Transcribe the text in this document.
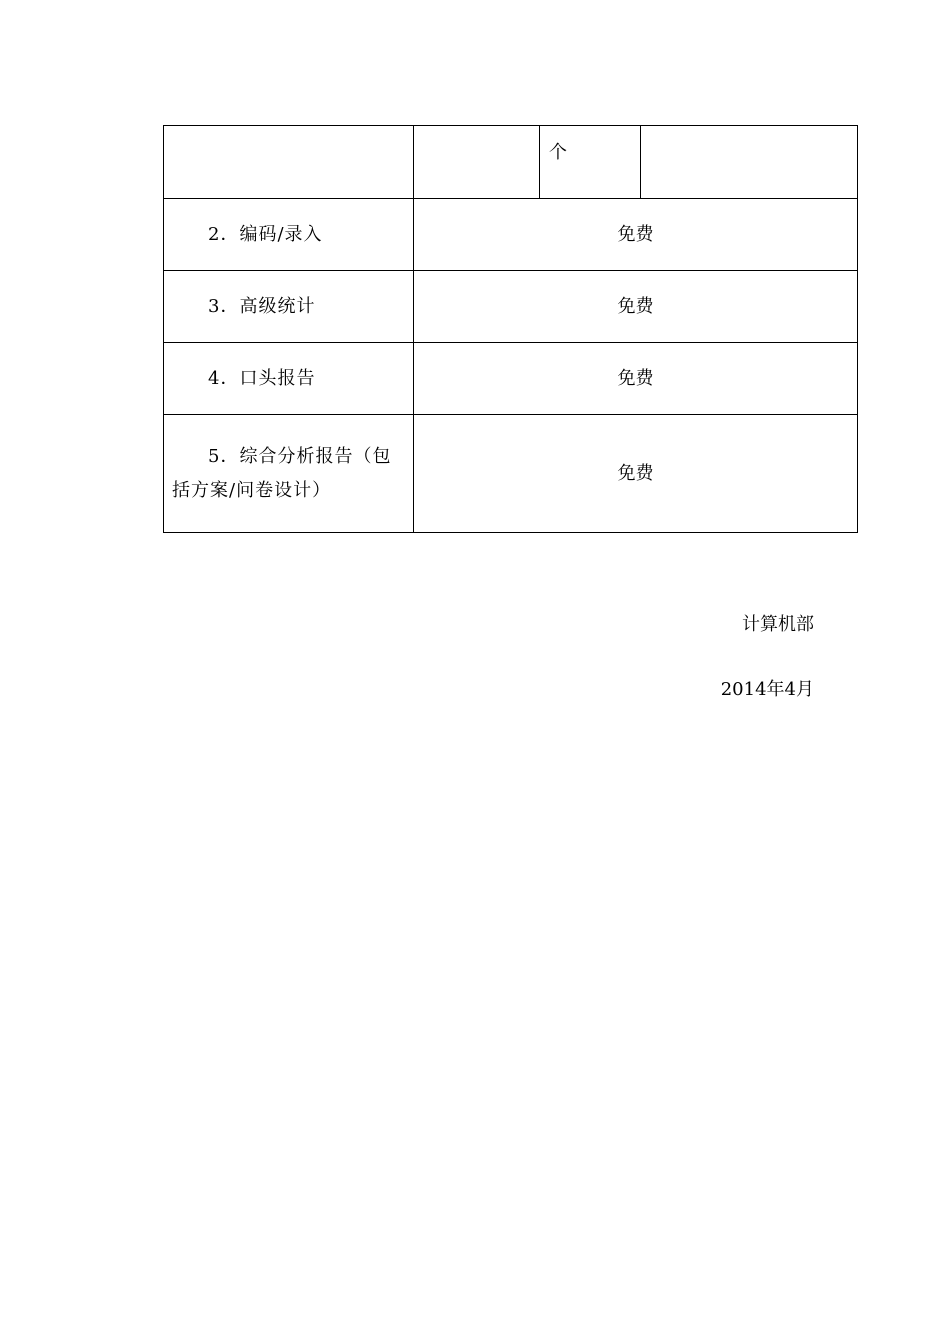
		个	
2．编码/录入	免费		
3．高级统计	免费		
4．口头报告	免费		
5．综合分析报告（包括方案/问卷设计）	免费		
计算机部
2014年4月
